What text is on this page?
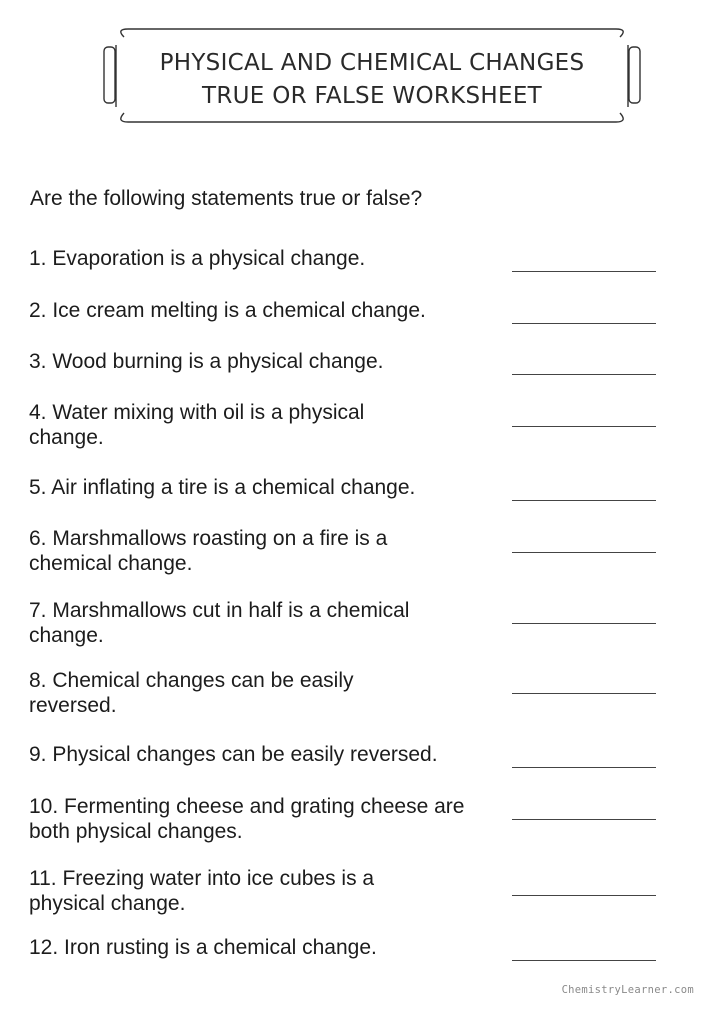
PHYSICAL AND CHEMICAL CHANGES
TRUE OR FALSE WORKSHEET
Are the following statements true or false?
1. Evaporation is a physical change.
2. Ice cream melting is a chemical change.
3. Wood burning is a physical change.
4. Water mixing with oil is a physical change.
5. Air inflating a tire is a chemical change.
6. Marshmallows roasting on a fire is a chemical change.
7. Marshmallows cut in half is a chemical change.
8. Chemical changes can be easily reversed.
9. Physical changes can be easily reversed.
10. Fermenting cheese and grating cheese are both physical changes.
11. Freezing water into ice cubes is a physical change.
12. Iron rusting is a chemical change.
ChemistryLearner.com
